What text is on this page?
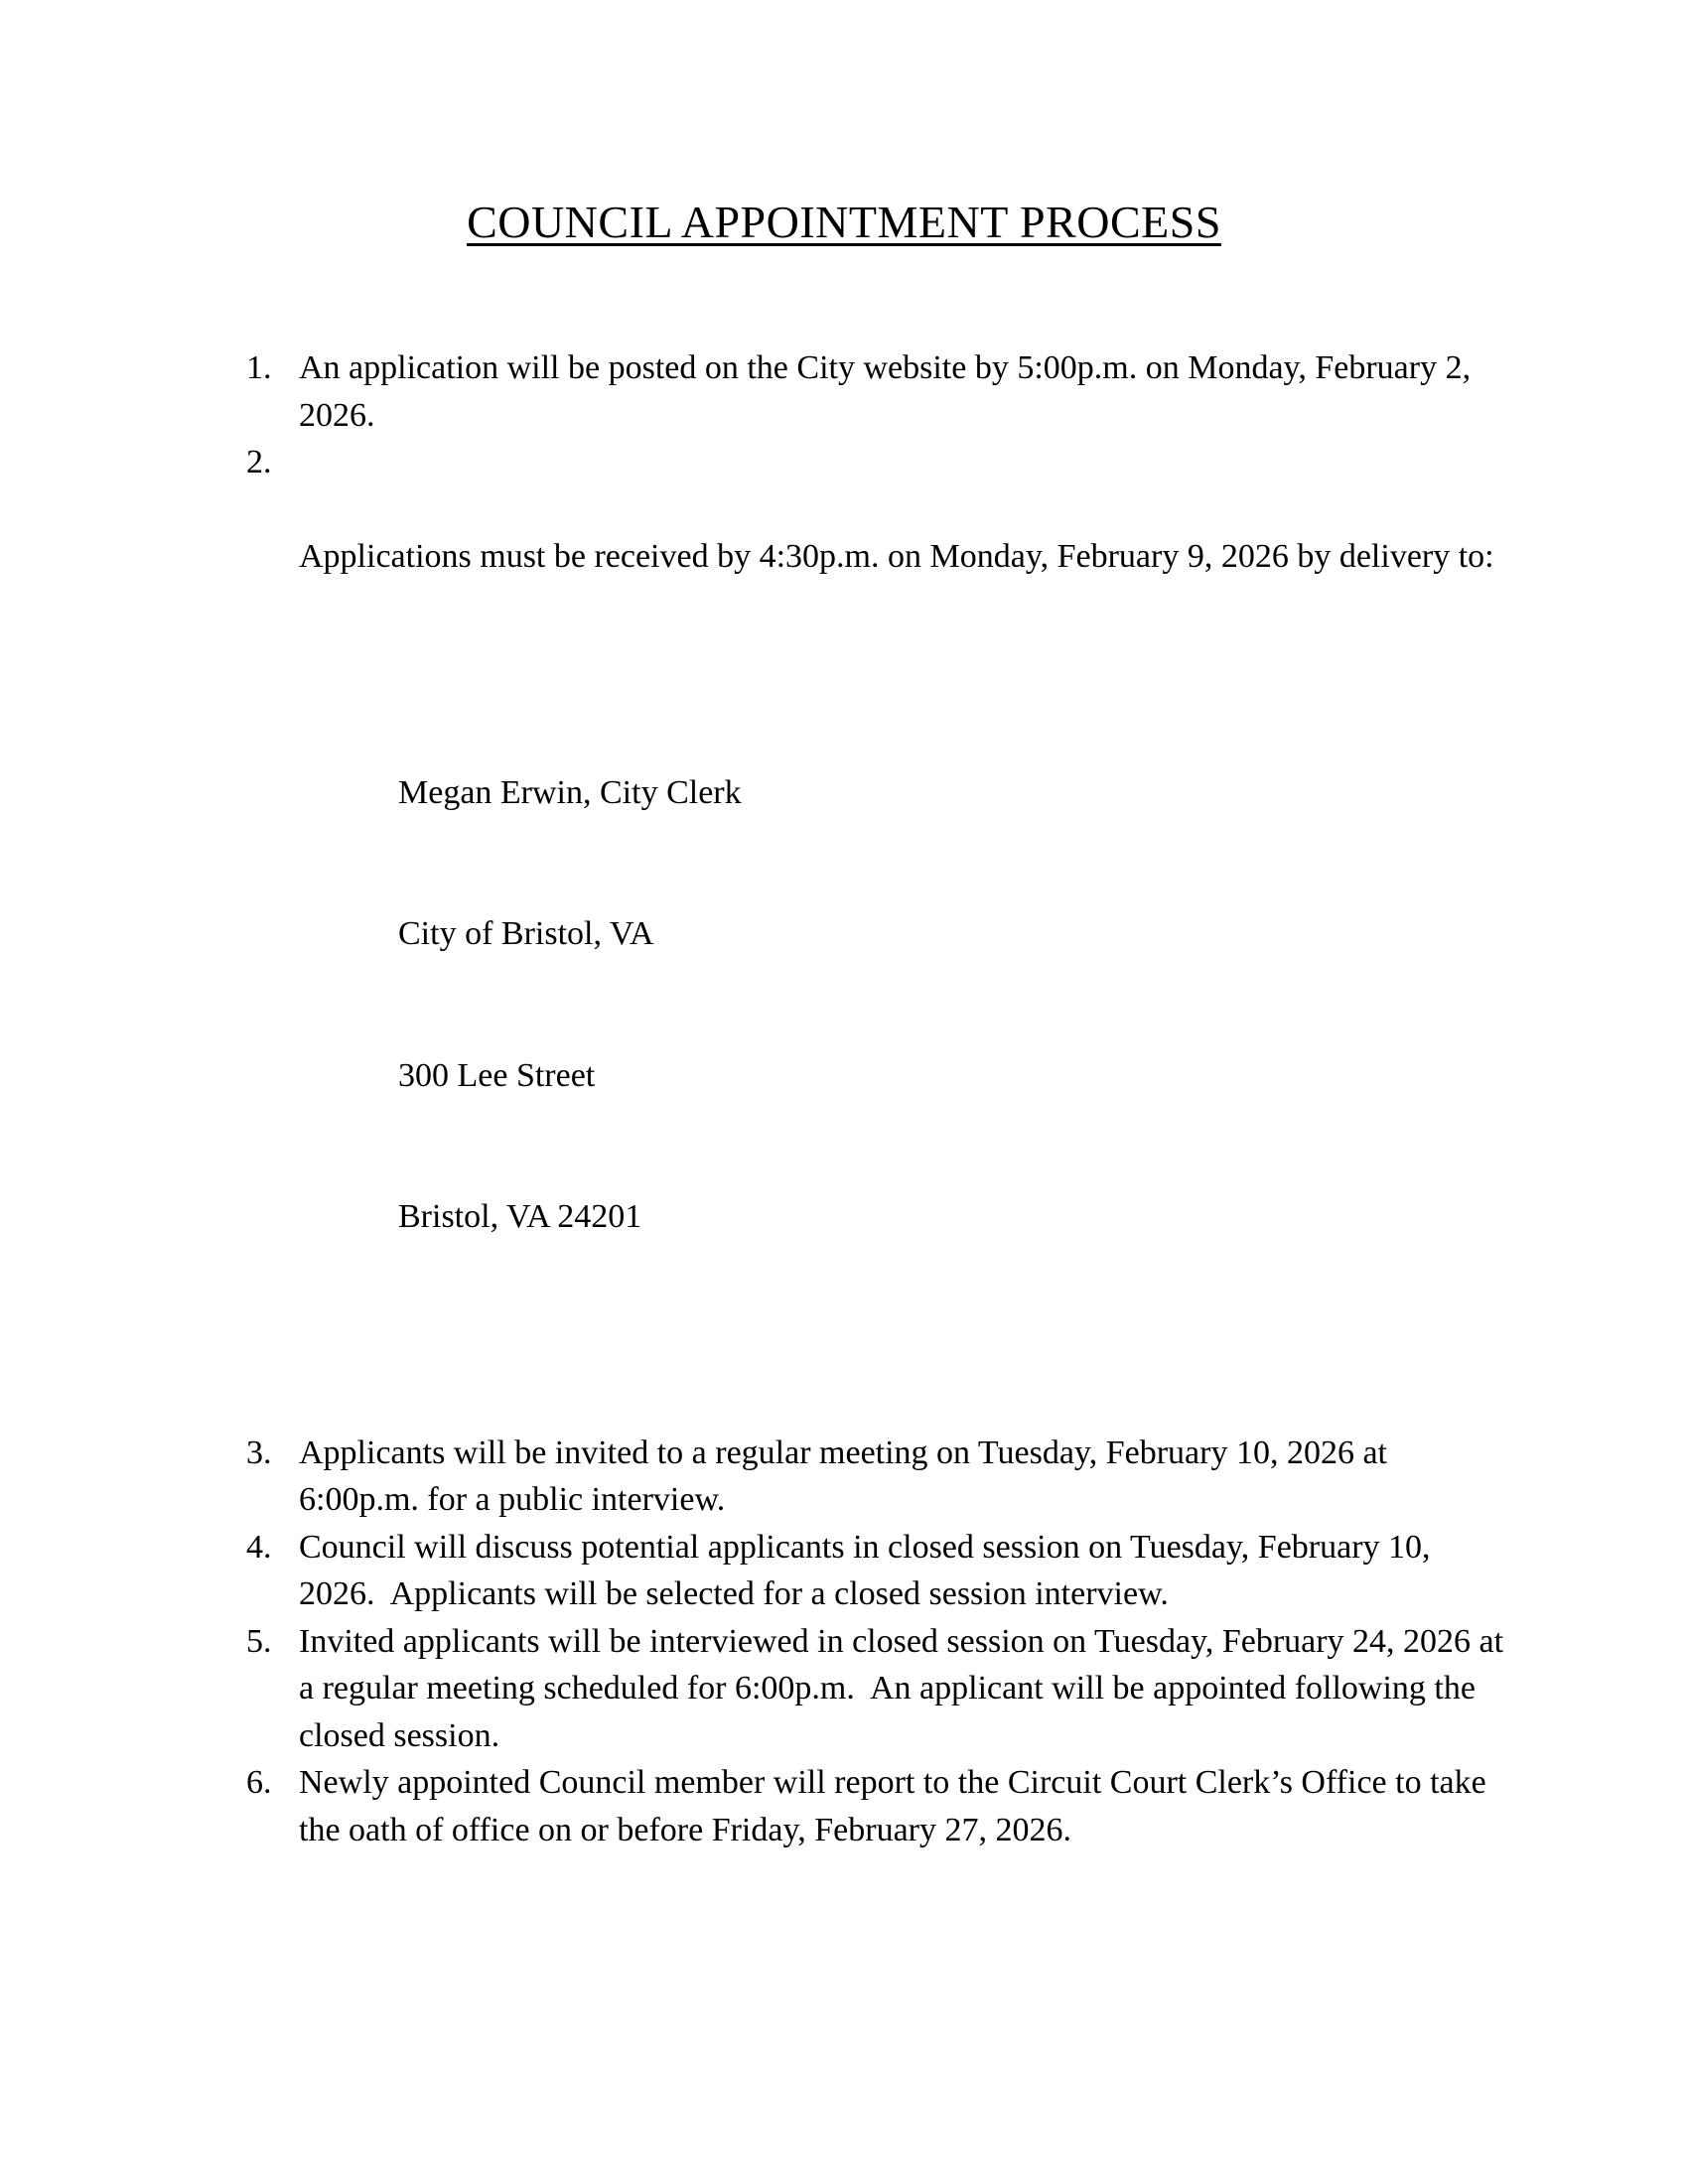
COUNCIL APPOINTMENT PROCESS
1. An application will be posted on the City website by 5:00p.m. on Monday, February 2, 2026.
2.

Applications must be received by 4:30p.m. on Monday, February 9, 2026 by delivery to:

Megan Erwin, City Clerk

City of Bristol, VA

300 Lee Street

Bristol, VA 24201

3. Applicants will be invited to a regular meeting on Tuesday, February 10, 2026 at 6:00p.m. for a public interview.
4. Council will discuss potential applicants in closed session on Tuesday, February 10, 2026.  Applicants will be selected for a closed session interview.
5. Invited applicants will be interviewed in closed session on Tuesday, February 24, 2026 at a regular meeting scheduled for 6:00p.m.  An applicant will be appointed following the closed session.
6. Newly appointed Council member will report to the Circuit Court Clerk’s Office to take the oath of office on or before Friday, February 27, 2026.
